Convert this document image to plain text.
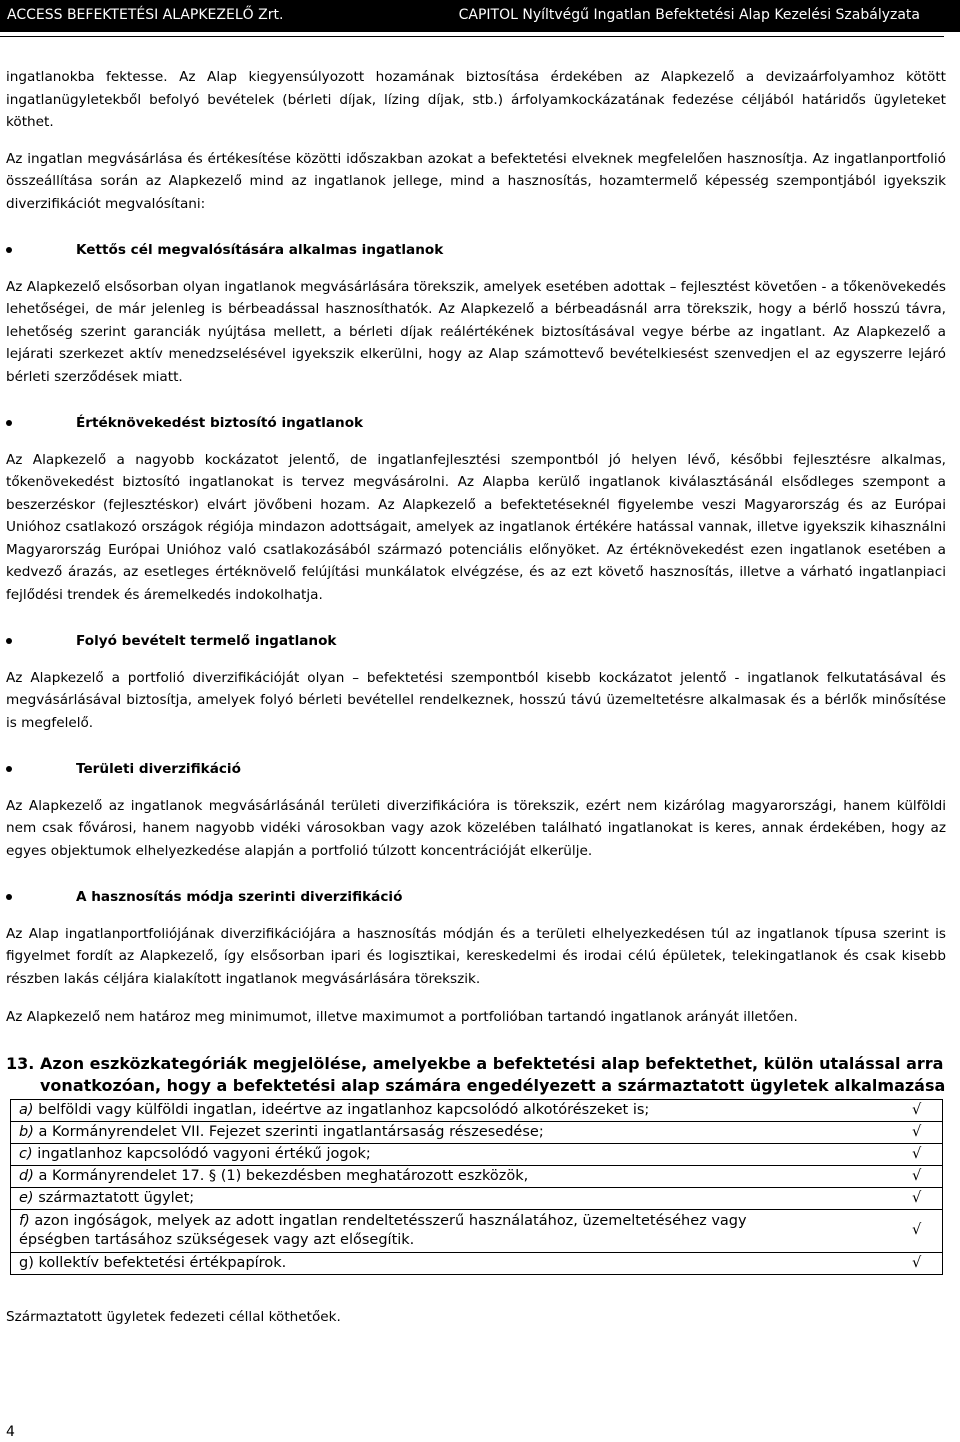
ACCESS BEFEKTETÉSI ALAPKEZELŐ Zrt.	CAPITOL Nyíltvégű Ingatlan Befektetési Alap Kezelési Szabályzata

ingatlanokba fektesse. Az Alap kiegyensúlyozott hozamának biztosítása érdekében az Alapkezelő a devizaárfolyamhoz kötött ingatlanügyletekből befolyó bevételek (bérleti díjak, lízing díjak, stb.) árfolyamkockázatának fedezése céljából határidős ügyleteket köthet.

Az ingatlan megvásárlása és értékesítése közötti időszakban azokat a befektetési elveknek megfelelően hasznosítja. Az ingatlanportfolió összeállítása során az Alapkezelő mind az ingatlanok jellege, mind a hasznosítás, hozamtermelő képesség szempontjából igyekszik diverzifikációt megvalósítani:

Kettős cél megvalósítására alkalmas ingatlanok

Az Alapkezelő elsősorban olyan ingatlanok megvásárlására törekszik, amelyek esetében adottak – fejlesztést követően - a tőkenövekedés lehetőségei, de már jelenleg is bérbeadással hasznosíthatók. Az Alapkezelő a bérbeadásnál arra törekszik, hogy a bérlő hosszú távra, lehetőség szerint garanciák nyújtása mellett, a bérleti díjak reálértékének biztosításával vegye bérbe az ingatlant. Az Alapkezelő a lejárati szerkezet aktív menedzselésével igyekszik elkerülni, hogy az Alap számottevő bevételkiesést szenvedjen el az egyszerre lejáró bérleti szerződések miatt.

Értéknövekedést biztosító ingatlanok

Az Alapkezelő a nagyobb kockázatot jelentő, de ingatlanfejlesztési szempontból jó helyen lévő, későbbi fejlesztésre alkalmas, tőkenövekedést biztosító ingatlanokat is tervez megvásárolni. Az Alapba kerülő ingatlanok kiválasztásánál elsődleges szempont a beszerzéskor (fejlesztéskor) elvárt jövőbeni hozam. Az Alapkezelő a befektetéseknél figyelembe veszi Magyarország és az Európai Unióhoz csatlakozó országok régiója mindazon adottságait, amelyek az ingatlanok értékére hatással vannak, illetve igyekszik kihasználni Magyarország Európai Unióhoz való csatlakozásából származó potenciális előnyöket. Az értéknövekedést ezen ingatlanok esetében a kedvező árazás, az esetleges értéknövelő felújítási munkálatok elvégzése, és az ezt követő hasznosítás, illetve a várható ingatlanpiaci fejlődési trendek és áremelkedés indokolhatja.

Folyó bevételt termelő ingatlanok

Az Alapkezelő a portfolió diverzifikációját olyan – befektetési szempontból kisebb kockázatot jelentő - ingatlanok felkutatásával és megvásárlásával biztosítja, amelyek folyó bérleti bevétellel rendelkeznek, hosszú távú üzemeltetésre alkalmasak és a bérlők minősítése is megfelelő.

Területi diverzifikáció

Az Alapkezelő az ingatlanok megvásárlásánál területi diverzifikációra is törekszik, ezért nem kizárólag magyarországi, hanem külföldi nem csak fővárosi, hanem nagyobb vidéki városokban vagy azok közelében található ingatlanokat is keres, annak érdekében, hogy az egyes objektumok elhelyezkedése alapján a portfolió túlzott koncentrációját elkerülje.

A hasznosítás módja szerinti diverzifikáció

Az Alap ingatlanportfoliójának diverzifikációjára a hasznosítás módján és a területi elhelyezkedésen túl az ingatlanok típusa szerint is figyelmet fordít az Alapkezelő, így elsősorban ipari és logisztikai, kereskedelmi és irodai célú épületek, telekingatlanok és csak kisebb részben lakás céljára kialakított ingatlanok megvásárlására törekszik.

Az Alapkezelő nem határoz meg minimumot, illetve maximumot a portfolióban tartandó ingatlanok arányát illetően.

13. Azon eszközkategóriák megjelölése, amelyekbe a befektetési alap befektethet, külön utalással arra vonatkozóan, hogy a befektetési alap számára engedélyezett a származtatott ügyletek alkalmazása
a) belföldi vagy külföldi ingatlan, ideértve az ingatlanhoz kapcsolódó alkotórészeket is;	√
b) a Kormányrendelet VII. Fejezet szerinti ingatlantársaság részesedése;	√
c) ingatlanhoz kapcsolódó vagyoni értékű jogok;	√
d) a Kormányrendelet 17. § (1) bekezdésben meghatározott eszközök,	√
e) származtatott ügylet;	√
f) azon ingóságok, melyek az adott ingatlan rendeltetésszerű használatához, üzemeltetéséhez vagy épségben tartásához szükségesek vagy azt elősegítik.	√
g) kollektív befektetési értékpapírok.	√

Származtatott ügyletek fedezeti céllal köthetőek.

4
